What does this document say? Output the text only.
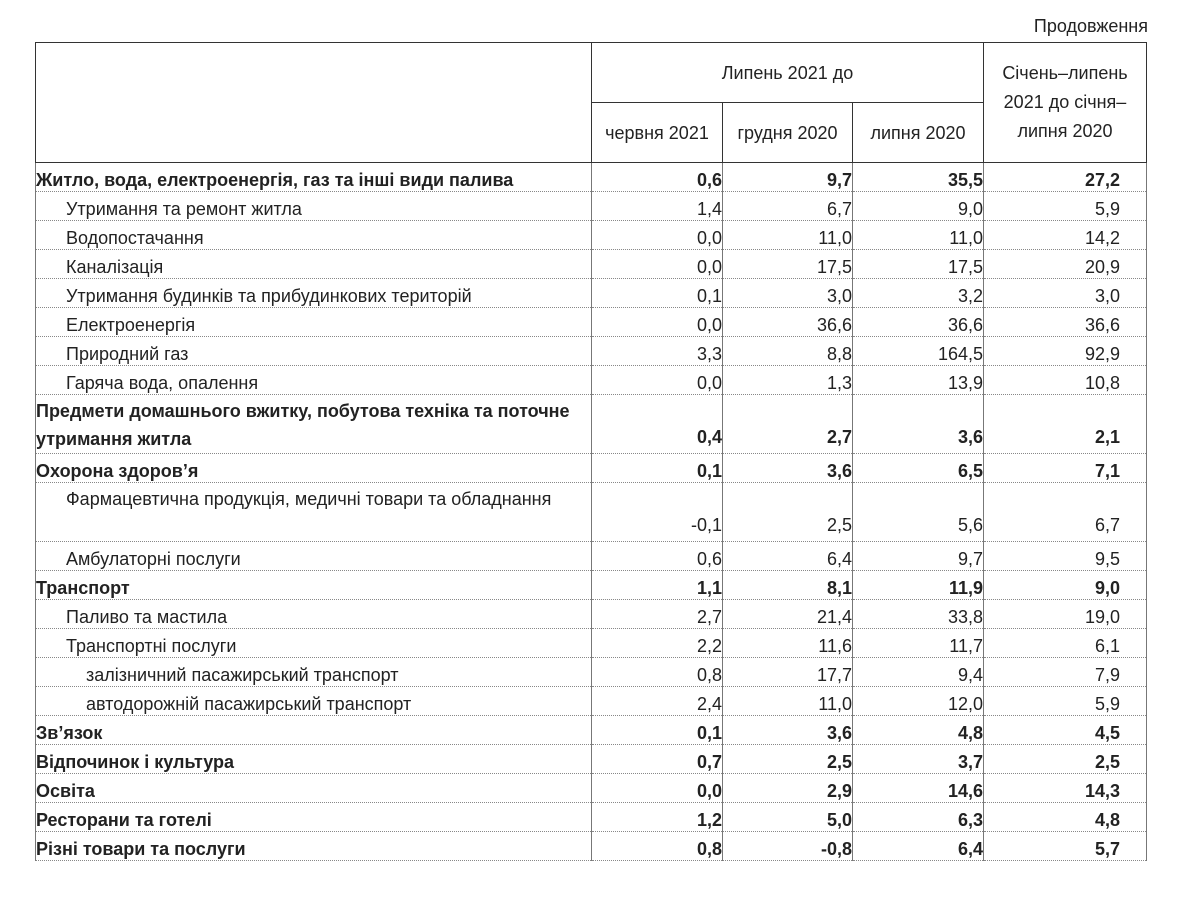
Продовження
	Липень 2021 до			Січень–липень 2021 до січня–липня 2020
	червня 2021	грудня 2020	липня 2020	
Житло, вода, електроенергія, газ та інші види палива	0,6	9,7	35,5	27,2
Утримання та ремонт житла	1,4	6,7	9,0	5,9
Водопостачання	0,0	11,0	11,0	14,2
Каналізація	0,0	17,5	17,5	20,9
Утримання будинків та прибудинкових територій	0,1	3,0	3,2	3,0
Електроенергія	0,0	36,6	36,6	36,6
Природний газ	3,3	8,8	164,5	92,9
Гаряча вода, опалення	0,0	1,3	13,9	10,8
Предмети домашнього вжитку, побутова техніка та поточне утримання житла	0,4	2,7	3,6	2,1
Охорона здоров’я	0,1	3,6	6,5	7,1
Фармацевтична продукція, медичні товари та обладнання	-0,1	2,5	5,6	6,7
Амбулаторні послуги	0,6	6,4	9,7	9,5
Транспорт	1,1	8,1	11,9	9,0
Паливо та мастила	2,7	21,4	33,8	19,0
Транспортні послуги	2,2	11,6	11,7	6,1
залізничний пасажирський транспорт	0,8	17,7	9,4	7,9
автодорожній пасажирський транспорт	2,4	11,0	12,0	5,9
Зв’язок	0,1	3,6	4,8	4,5
Відпочинок і культура	0,7	2,5	3,7	2,5
Освіта	0,0	2,9	14,6	14,3
Ресторани та готелі	1,2	5,0	6,3	4,8
Різні товари та послуги	0,8	-0,8	6,4	5,7
